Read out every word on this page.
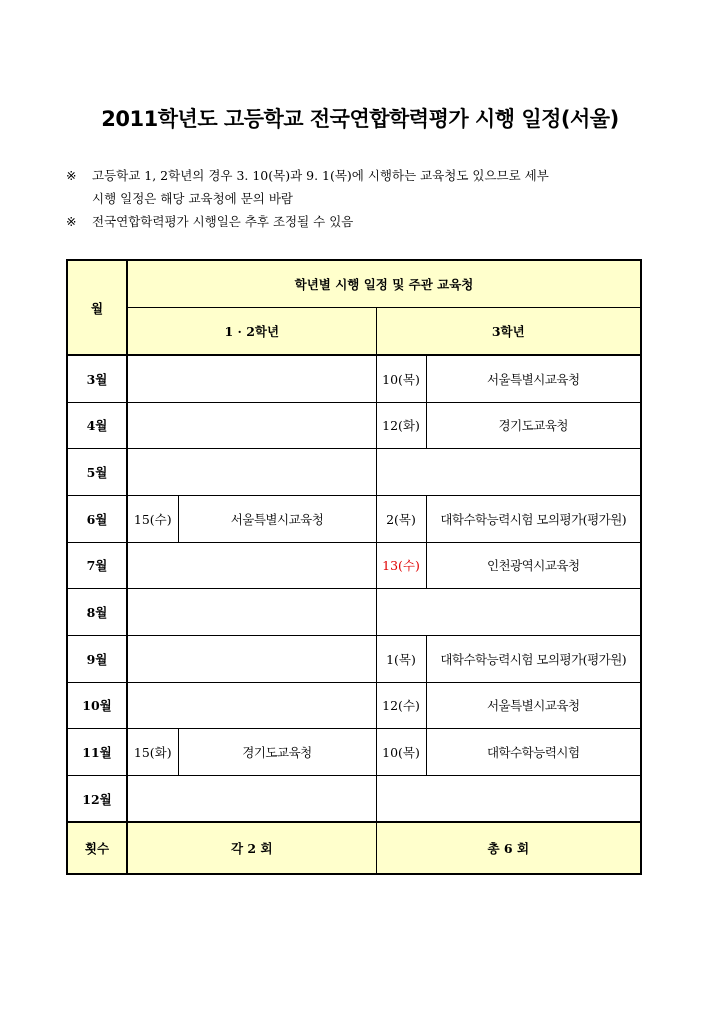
2011학년도 고등학교 전국연합학력평가 시행 일정(서울)
※ 고등학교 1, 2학년의 경우 3. 10(목)과 9. 1(목)에 시행하는 교육청도 있으므로 세부
시행 일정은 해당 교육청에 문의 바람
※ 전국연합학력평가 시행일은 추후 조정될 수 있음
월	학년별 시행 일정 및 주관 교육청			
	1 · 2학년		3학년	
3월			10(목)	서울특별시교육청
4월			12(화)	경기도교육청
5월				
6월	15(수)	서울특별시교육청	2(목)	대학수학능력시험 모의평가(평가원)
7월			13(수)	인천광역시교육청
8월				
9월			1(목)	대학수학능력시험 모의평가(평가원)
10월			12(수)	서울특별시교육청
11월	15(화)	경기도교육청	10(목)	대학수학능력시험
12월				
횟수	각 2 회		총 6 회	
